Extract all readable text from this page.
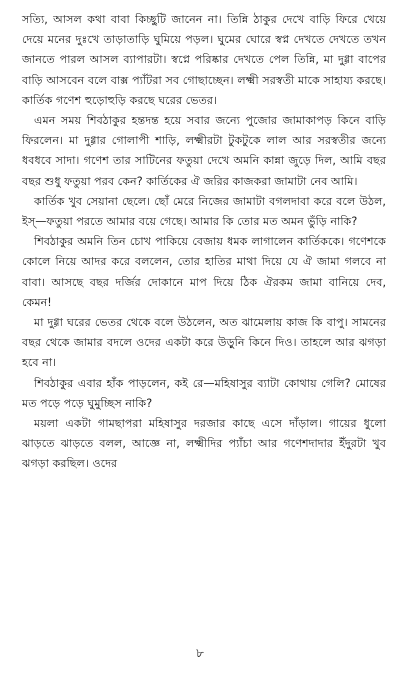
সত্যি, আসল কথা বাবা কিচ্ছুটি জানেন না। তিন্নি ঠাকুর দেখে বাড়ি ফিরে খেয়ে দেয়ে মনের দুঃখে তাড়াতাড়ি ঘুমিয়ে পড়ল। ঘুমের ঘোরে স্বপ্ন দেখতে দেখতে তখন জানতে পারল আসল ব্যাপারটা। স্বপ্নে পরিষ্কার দেখতে পেল তিন্নি, মা দুগ্গা বাপের বাড়ি আসবেন বলে বাক্স প্যাঁটরা সব গোছাচ্ছেন। লক্ষ্মী সরস্বতী মাকে সাহায্য করছে। কার্তিক গণেশ হুড়োহুড়ি করছে ঘরের ভেতর।

এমন সময় শিবঠাকুর হন্তদন্ত হয়ে সবার জন্যে পুজোর জামাকাপড় কিনে বাড়ি ফিরলেন। মা দুগ্গার গোলাপী শাড়ি, লক্ষ্মীরটা টুকটুকে লাল আর সরস্বতীর জন্যে ধবধবে সাদা। গণেশ তার সাটিনের ফতুয়া দেখে অমনি কান্না জুড়ে দিল, আমি বছর বছর শুধু ফতুয়া পরব কেন? কার্তিকের ঐ জরির কাজকরা জামাটা নেব আমি।

কার্তিক খুব সেয়ানা ছেলে। ছোঁ মেরে নিজের জামাটা বগলদাবা করে বলে উঠল, ইস্—ফতুয়া পরতে আমার বয়ে গেছে। আমার কি তোর মত অমন ভুঁড়ি নাকি?

শিবঠাকুর অমনি তিন চোখ পাকিয়ে বেজায় ধমক লাগালেন কার্তিককে। গণেশকে কোলে নিয়ে আদর করে বললেন, তোর হাতির মাথা দিয়ে যে ঐ জামা গলবে না বাবা। আসছে বছর দর্জির দোকানে মাপ দিয়ে ঠিক ঐরকম জামা বানিয়ে দেব, কেমন!

মা দুগ্গা ঘরের ভেতর থেকে বলে উঠলেন, অত ঝামেলায় কাজ কি বাপু। সামনের বছর থেকে জামার বদলে ওদের একটা করে উড়ুনি কিনে দিও। তাহলে আর ঝগড়া হবে না।

শিবঠাকুর এবার হাঁক পাড়লেন, কই রে—মহিষাসুর ব্যাটা কোথায় গেলি? মোষের মত পড়ে পড়ে ঘুমুচ্ছিস নাকি?

ময়লা একটা গামছাপরা মহিষাসুর দরজার কাছে এসে দাঁড়াল। গায়ের ধুলো ঝাড়তে ঝাড়তে বলল, আজ্ঞে না, লক্ষ্মীদির প্যাঁচা আর গণেশদাদার ইঁদুরটা খুব ঝগড়া করছিল। ওদের

৮
